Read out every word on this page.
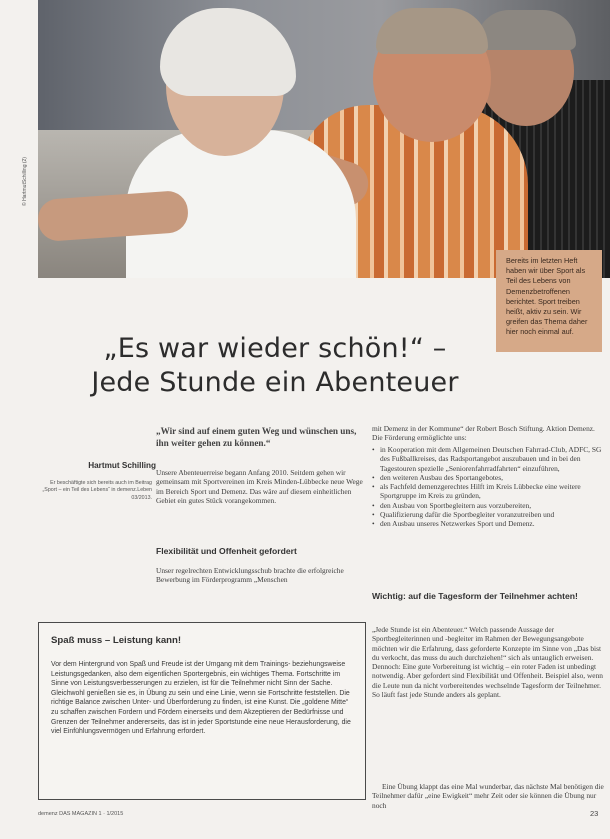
© HartmutSchilling (2)
Bereits im letzten Heft haben wir über Sport als Teil des Lebens von Demenzbetroffenen berichtet. Sport treiben heißt, aktiv zu sein. Wir greifen das Thema daher hier noch einmal auf.
„Es war wieder schön!“ –
Jede Stunde ein Abenteuer
„Wir sind auf einem guten Weg und wünschen uns, ihn weiter gehen zu können.“
Hartmut Schilling
Er beschäftigte sich bereits auch im Beitrag „Sport – ein Teil des Lebens“ in demenz.Leben 03/2013.

Unsere Abenteuerreise begann Anfang 2010. Seitdem gehen wir gemeinsam mit Sportvereinen im Kreis Minden-Lübbecke neue Wege im Bereich Sport und Demenz. Das wäre auf diesem einheitlichen Gebiet ein gutes Stück vorangekommen.

Flexibilität und Offenheit gefordert

Unser regelrechten Entwicklungsschub brachte die erfolgreiche Bewerbung im Förderprogramm „Menschen

mit Demenz in der Kommune“ der Robert Bosch Stiftung. Aktion Demenz. Die Förderung ermöglichte uns:

• in Kooperation mit dem Allgemeinen Deutschen Fahrrad-Club, ADFC, SG des Fußballkreises, das Radsportangebot auszubauen und in bei den Tagestouren spezielle „Seniorenfahrradfahrten“ einzuführen,
• den weiteren Ausbau des Sportangebotes,
• als Fachfeld demenzgerechtes Hilft im Kreis Lübbecke eine weitere Sportgruppe im Kreis zu gründen,
• den Ausbau von Sportbegleitern aus vorzubereiten,
• Qualifizierung dafür die Sportbegleiter voranzutreiben und
• den Ausbau unseres Netzwerkes Sport und Demenz.
Wichtig: auf die Tagesform der Teilnehmer achten!

„Jede Stunde ist ein Abenteuer.“ Welch passende Aussage der Sportbegleiterinnen und -begleiter im Rahmen der Bewegungsangebote möchten wir die Erfahrung, dass geforderte Konzepte im Sinne von „Das bist du verkocht, das muss du auch durchziehen!“ sich als untauglich erweisen. Dennoch: Eine gute Vorbereitung ist wichtig – ein roter Faden ist unbedingt notwendig. Aber gefordert sind Flexibilität und Offenheit. Beispiel also, wenn die Leute nun da nicht vorbereitendes wechselnde Tagesform der Teilnehmer. So läuft fast jede Stunde anders als geplant.

Eine Übung klappt das eine Mal wunderbar, das nächste Mal benötigen die Teilnehmer dafür „eine Ewigkeit“ mehr Zeit oder sie können die Übung nur noch

Spaß muss – Leistung kann!

Vor dem Hintergrund von Spaß und Freude ist der Umgang mit dem Trainings- beziehungsweise Leistungsgedanken, also dem eigentlichen Sportergebnis, ein wichtiges Thema. Fortschritte im Sinne von Leistungsverbesserungen zu erzielen, ist für die Teilnehmer nicht Sinn der Sache. Gleichwohl genießen sie es, in Übung zu sein und eine Linie, wenn sie Fortschritte feststellen. Die richtige Balance zwischen Unter- und Überforderung zu finden, ist eine Kunst. Die „goldene Mitte“ zu schaffen zwischen Fordern und Fördern einerseits und dem Akzeptieren der Bedürfnisse und Grenzen der Teilnehmer andererseits, das ist in jeder Sportstunde eine neue Herausforderung, die viel Einfühlungsvermögen und Erfahrung erfordert.

demenz DAS MAGAZIN 1 · 1/2015	23
